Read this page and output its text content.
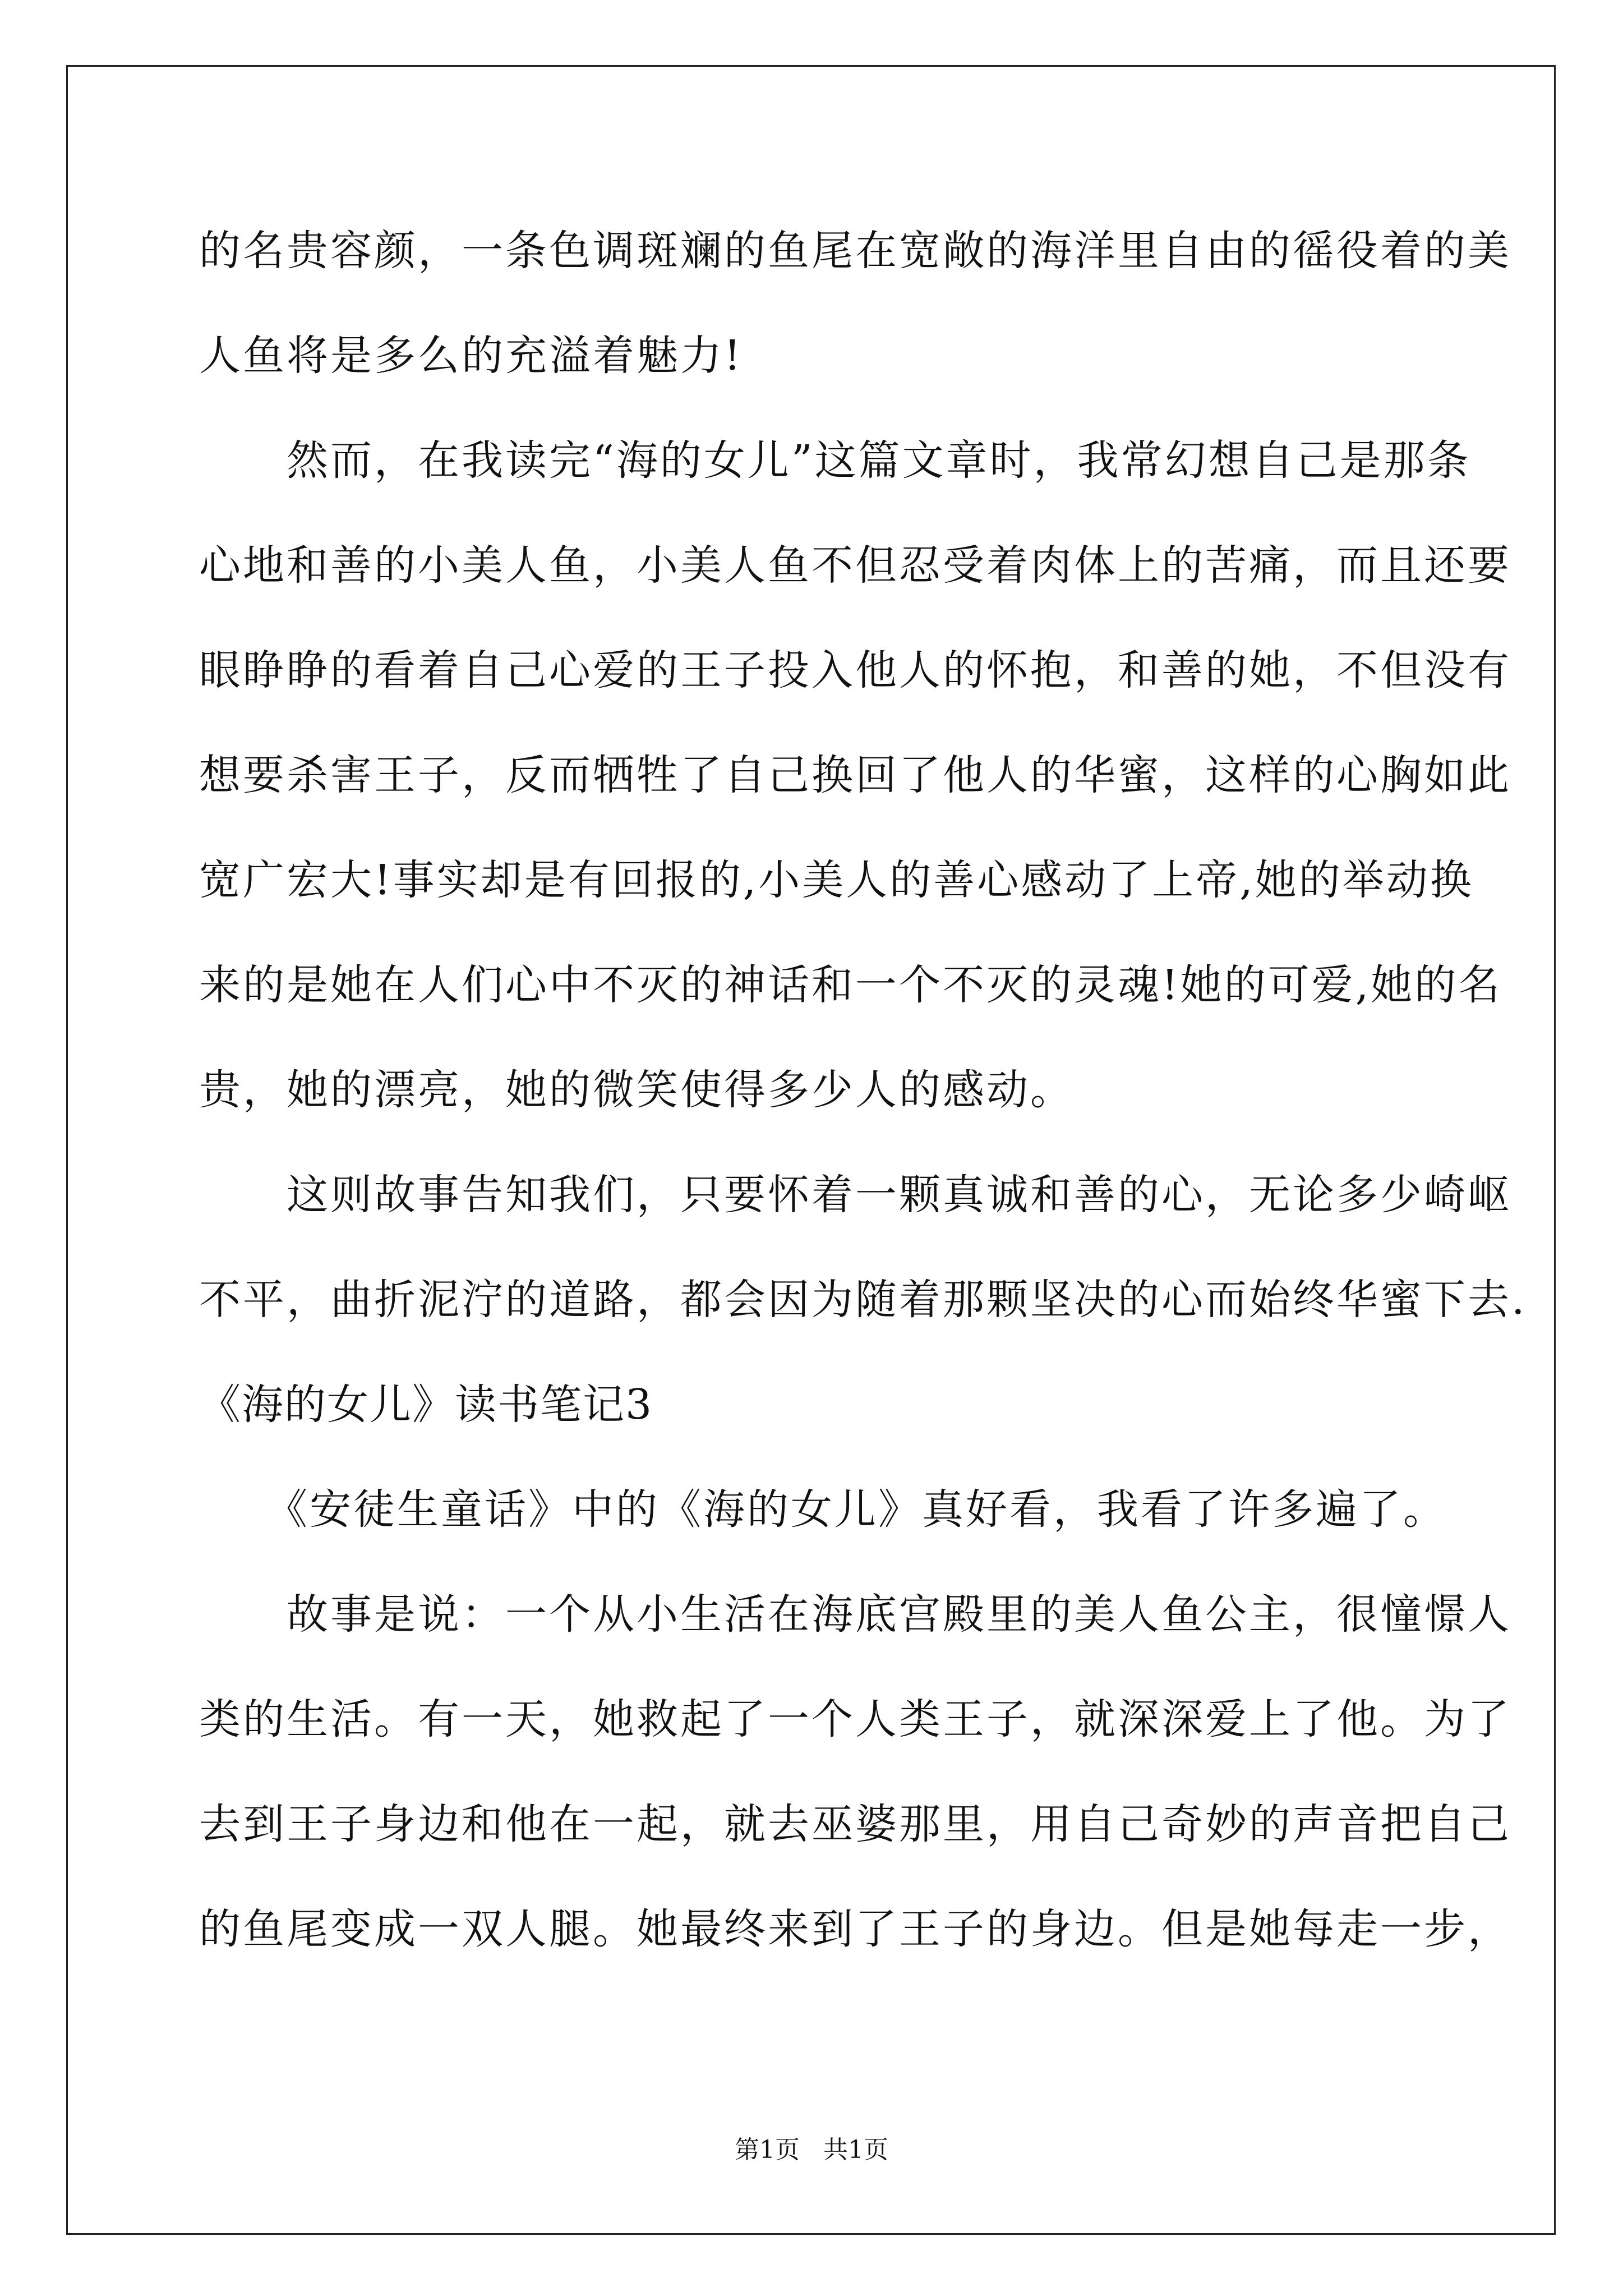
的名贵容颜，一条色调斑斓的鱼尾在宽敞的海洋里自由的徭役着的美
人鱼将是多么的充溢着魅力!
　　然而，在我读完“海的女儿”这篇文章时，我常幻想自己是那条
心地和善的小美人鱼，小美人鱼不但忍受着肉体上的苦痛，而且还要
眼睁睁的看着自己心爱的王子投入他人的怀抱，和善的她，不但没有
想要杀害王子，反而牺牲了自己换回了他人的华蜜，这样的心胸如此
宽广宏大!事实却是有回报的,小美人的善心感动了上帝,她的举动换
来的是她在人们心中不灭的神话和一个不灭的灵魂!她的可爱,她的名
贵，她的漂亮，她的微笑使得多少人的感动。
　　这则故事告知我们，只要怀着一颗真诚和善的心，无论多少崎岖
不平，曲折泥泞的道路，都会因为随着那颗坚决的心而始终华蜜下去.
《海的女儿》读书笔记3
　　《安徒生童话》中的《海的女儿》真好看，我看了许多遍了。
　　故事是说：一个从小生活在海底宫殿里的美人鱼公主，很憧憬人
类的生活。有一天，她救起了一个人类王子，就深深爱上了他。为了
去到王子身边和他在一起，就去巫婆那里，用自己奇妙的声音把自己
的鱼尾变成一双人腿。她最终来到了王子的身边。但是她每走一步，
第1页   共1页
